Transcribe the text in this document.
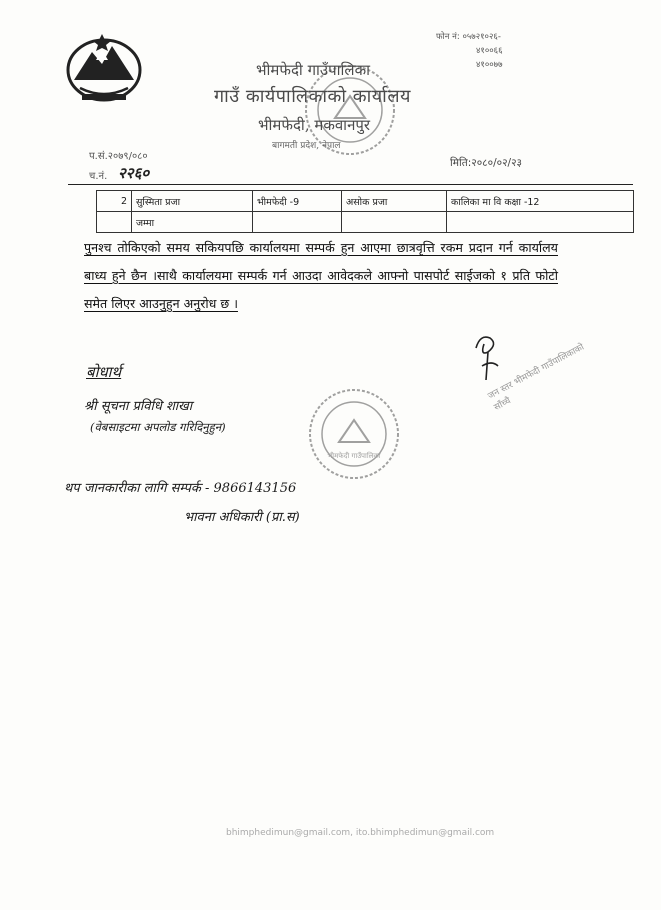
भीमफेदी गाउँपालिका
भीमफेदी गाउँपालिका
गाउँ कार्यपालिकाको कार्यालय
भीमफेदी, मकवानपुर
बागमती प्रदेश, नेपाल
फोन नं: ०५७२१०२६-
४१००६६
४१००७७
प.सं.२०७९/०८०
च.नं. २२६०
मिति:२०८०/०२/२३
2	सुस्मिता प्रजा	भीमफेदी -9	असोक प्रजा	कालिका मा वि कक्षा -12
	जम्मा			
पुनश्च तोकिएको समय सकियपछि कार्यालयमा सम्पर्क हुन आएमा छात्रवृत्ति रकम प्रदान गर्न कार्यालय बाध्य हुने छैन ।साथै कार्यालयमा सम्पर्क गर्न आउदा आवेदकले आफ्नो पासपोर्ट साईजको १ प्रति फोटो समेत लिएर आउनुहुन अनुरोध छ ।
बोधार्थ
श्री सूचना प्रविधि शाखा
(वेबसाइटमा अपलोड गरिदिनुहुन)
थप जानकारीका लागि सम्पर्क - 9866143156
भावना अधिकारी (प्रा.स)
जन स्तर भीमफेदी गाउँपालिकाको साँच्चै
bhimphedimun@gmail.com, ito.bhimphedimun@gmail.com
